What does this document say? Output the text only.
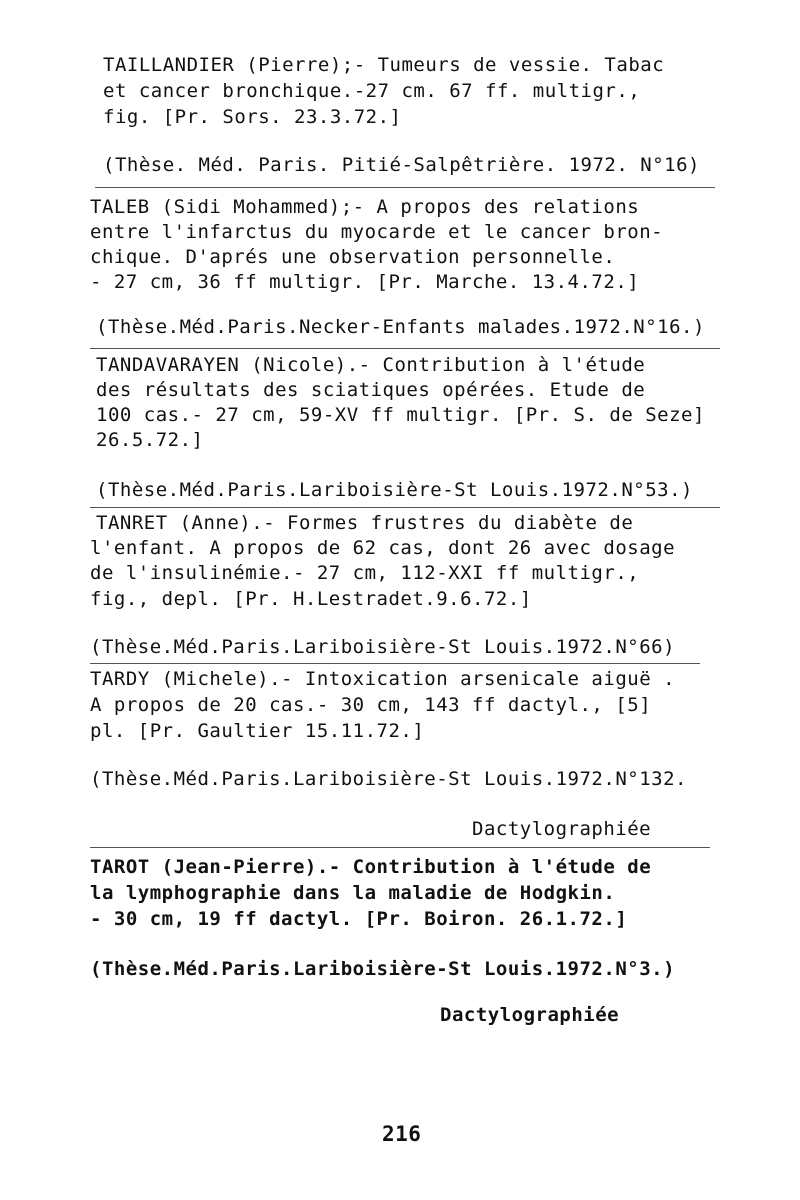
TAILLANDIER (Pierre);- Tumeurs de vessie. Tabac
et cancer bronchique.-27 cm. 67 ff. multigr.,
fig. [Pr. Sors. 23.3.72.]
(Thèse. Méd. Paris. Pitié-Salpêtrière. 1972. N°16)
TALEB (Sidi Mohammed);- A propos des relations
entre l'infarctus du myocarde et le cancer bron-
chique. D'aprés une observation personnelle.
- 27 cm, 36 ff multigr. [Pr. Marche. 13.4.72.]
(Thèse.Méd.Paris.Necker-Enfants malades.1972.N°16.)
TANDAVARAYEN (Nicole).- Contribution à l'étude
des résultats des sciatiques opérées. Etude de
100 cas.- 27 cm, 59-XV ff multigr. [Pr. S. de Seze]
26.5.72.]
(Thèse.Méd.Paris.Lariboisière-St Louis.1972.N°53.)
TANRET (Anne).- Formes frustres du diabète de
l'enfant. A propos de 62 cas, dont 26 avec dosage
de l'insulinémie.- 27 cm, 112-XXI ff multigr.,
fig., depl. [Pr. H.Lestradet.9.6.72.]
(Thèse.Méd.Paris.Lariboisière-St Louis.1972.N°66)
TARDY (Michele).- Intoxication arsenicale aiguë .
A propos de 20 cas.- 30 cm, 143 ff dactyl., [5]
pl. [Pr. Gaultier 15.11.72.]
(Thèse.Méd.Paris.Lariboisière-St Louis.1972.N°132.
Dactylographiée
TAROT (Jean-Pierre).- Contribution à l'étude de
la lymphographie dans la maladie de Hodgkin.
- 30 cm, 19 ff dactyl. [Pr. Boiron. 26.1.72.]
(Thèse.Méd.Paris.Lariboisière-St Louis.1972.N°3.)
Dactylographiée
216
